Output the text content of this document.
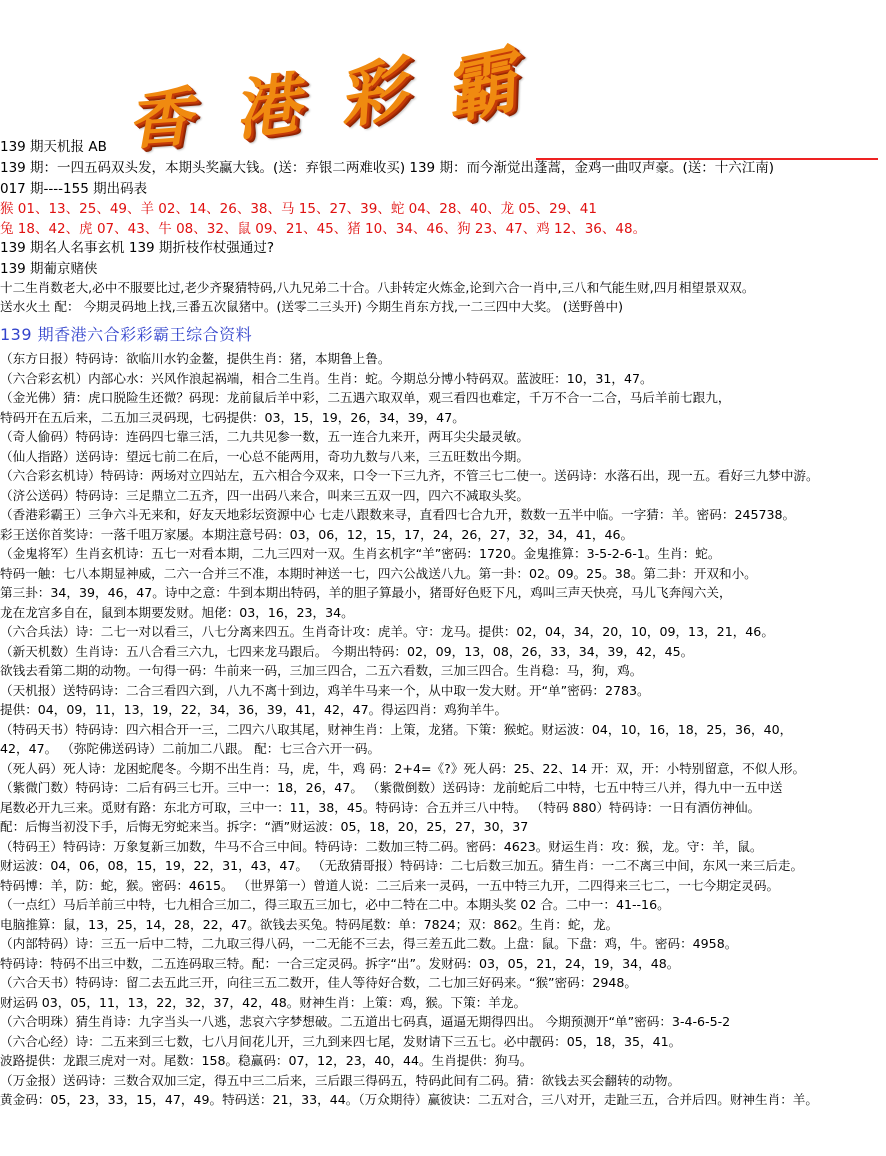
香 港 彩 霸
139 期天机报 AB
139 期：一四五码双头发，本期头奖赢大钱。(送：弃银二两难收买) 139 期：而今渐觉出蓬蒿，金鸡一曲叹声豪。(送：十六江南)
017 期----155 期出码表
猴 01、13、25、49、羊 02、14、26、38、马 15、27、39、蛇 04、28、40、龙 05、29、41
兔 18、42、虎 07、43、牛 08、32、鼠 09、21、45、猪 10、34、46、狗 23、47、鸡 12、36、48。
139 期名人名事玄机 139 期折枝作杖强通过?
139 期葡京赌侠
十二生肖数老大,必中不服要比过,老少齐聚猜特码,八九兄弟二十合。八卦转定火炼金,论到六合一肖中,三八和气能生财,四月相望景双双。
送水火土 配： 今期灵码地上找,三番五次鼠猪中。(送零二三头开) 今期生肖东方找,一二三四中大奖。 (送野兽中)
139 期香港六合彩彩霸王综合资料
（东方日报）特码诗：欲临川水钓金鳌，提供生肖：猪，本期鲁上鲁。
（六合彩玄机）内部心水：兴风作浪起祸端，相合二生肖。生肖：蛇。今期总分博小特码双。蓝波旺：10，31，47。
（金光佛）猜：虎口脱险生还微？码现：龙前鼠后羊中彩，二五遇六取双单，观三看四也难定，千万不合一二合，马后羊前七跟九，
特码开在五后来，二五加三灵码现，七码提供：03，15，19，26，34，39，47。
（奇人偷码）特码诗：连码四七靠三活，二九共见参一数，五一连合九来开，两耳尖尖最灵敏。
（仙人指路）送码诗：望远七前二在后，一心总不能两用，奇功九数与八来，三五旺数出今期。
（六合彩玄机诗）特码诗：两场对立四站左，五六相合今双来，口令一下三九齐，不管三七二使一。送码诗：水落石出，现一五。看好三九梦中游。
（济公送码）特码诗：三足鼎立二五齐，四一出码八来合，叫来三五双一四，四六不减取头奖。
（香港彩霸王）三争六斗无来和，好友天地彩坛资源中心 七走八跟数来寻，直看四七合九开，数数一五半中临。一字猜：羊。密码：245738。
彩王送你首奖诗：一落千咀万家屡。本期注意号码：03，06，12，15，17，24，26，27，32，34，41，46。
（金鬼将军）生肖玄机诗：五七一对看本期，二九三四对一双。生肖玄机字“羊”密码：1720。金鬼推算：3-5-2-6-1。生肖：蛇。
特码一触：七八本期显神威，二六一合并三不准，本期时神送一七，四六公战送八九。第一卦：02。09。25。38。第二卦：开双和小。
第三卦：34，39，46，47。诗中之意：牛到本期出特码，羊的胆子算最小，猪哥好色贬下凡，鸡叫三声天快亮，马儿飞奔闯六关，
龙在龙宫多自在，鼠到本期要发财。旭佬：03，16，23，34。
（六合兵法）诗：二七一对以看三，八七分离来四五。生肖奇计攻：虎羊。守：龙马。提供：02，04，34，20，10，09，13，21，46。
（新天机数）生肖诗：五八合看三六九，七四来龙马跟后。 今期出特码：02，09，13，08，26，33，34，39，42，45。
欲钱去看第二期的动物。一句得一码：牛前来一码，三加三四合，二五六看数，三加三四合。生肖稳：马，狗，鸡。
（天机报）送特码诗：二合三看四六到，八九不离十到边，鸡羊牛马来一个，从中取一发大财。开“单”密码：2783。
提供：04，09，11，13，19，22，34，36，39，41，42，47。得运四肖：鸡狗羊牛。
（特码天书）特码诗：四六相合开一三，二四六八取其尾，财神生肖：上策，龙猪。下策：猴蛇。财运波：04，10，16，18，25，36，40，
42，47。 （弥陀佛送码诗）二前加二八跟。 配：七三合六开一码。
（死人码）死人诗：龙困蛇爬冬。今期不出生肖：马，虎，牛，鸡 码：2+4=《?》死人码：25、22、14 开：双，开：小特别留意，不似人形。
（紫微门数）特码诗：二后有码三七开。三中一：18，26，47。 （紫微倒数）送码诗：龙前蛇后二中特，七五中特三八并，得九中一五中送
尾数必开九三来。觅财有路：东北方可取，三中一：11，38，45。特码诗：合五并三八中特。 （特码 880）特码诗：一日有酒仿神仙。
配：后悔当初没下手，后悔无穷蛇来当。拆字：“酒”财运波：05，18，20，25，27，30，37
（特码王）特码诗：万象复新三加数，牛马不合三中间。特码诗：二数加三特二码。密码：4623。财运生肖：攻：猴，龙。守：羊，鼠。
财运波：04，06，08，15，19，22，31，43，47。 （无敌猜哥报）特码诗：二七后数三加五。猜生肖：一二不离三中间，东风一来三后走。
特码博：羊，防：蛇，猴。密码：4615。 （世界第一）曾道人说：二三后来一灵码，一五中特三九开，二四得来三七二，一七今期定灵码。
（一点红）马后羊前三中特，七九相合三加二，得三取五三加七，必中二特在二中。本期头奖 02 合。二中一：41--16。
电脑推算：鼠，13，25，14，28，22，47。欲钱去买兔。特码尾数：单：7824；双：862。生肖：蛇，龙。
（内部特码）诗：三五一后中二特，二九取三得八码，一二无能不三去，得三差五此二数。上盘：鼠。下盘：鸡，牛。密码：4958。
特码诗：特码不出三中数，二五连码取三特。配：一合三定灵码。拆字“出”。发财码：03，05，21，24，19，34，48。
（六合天书）特码诗：留二去五此三开，向往三五二数开，佳人等待好合数，二七加三好码来。“猴”密码：2948。
财运码 03，05，11，13，22，32，37，42，48。财神生肖：上策：鸡，猴。下策：羊龙。
（六合明珠）猜生肖诗：九字当头一八逃，悲哀六字梦想破。二五道出七码真，逼逼无期得四出。 今期预测开“单”密码：3-4-6-5-2
（六合心经）诗：二五来到三七数，七八月间花儿开，三九到来四七尾，发财请下三五七。必中靓码：05，18，35，41。
波路提供：龙跟三虎对一对。尾数：158。稳赢码：07，12，23，40，44。生肖提供：狗马。
（万金报）送码诗：三数合双加三定，得五中三二后来，三后跟三得码五，特码此间有二码。猜：欲钱去买会翻转的动物。
黄金码：05，23，33，15，47，49。特码送：21，33，44。（万众期待）赢彼诀：二五对合，三八对开，走趾三五，合并后四。财神生肖：羊。
